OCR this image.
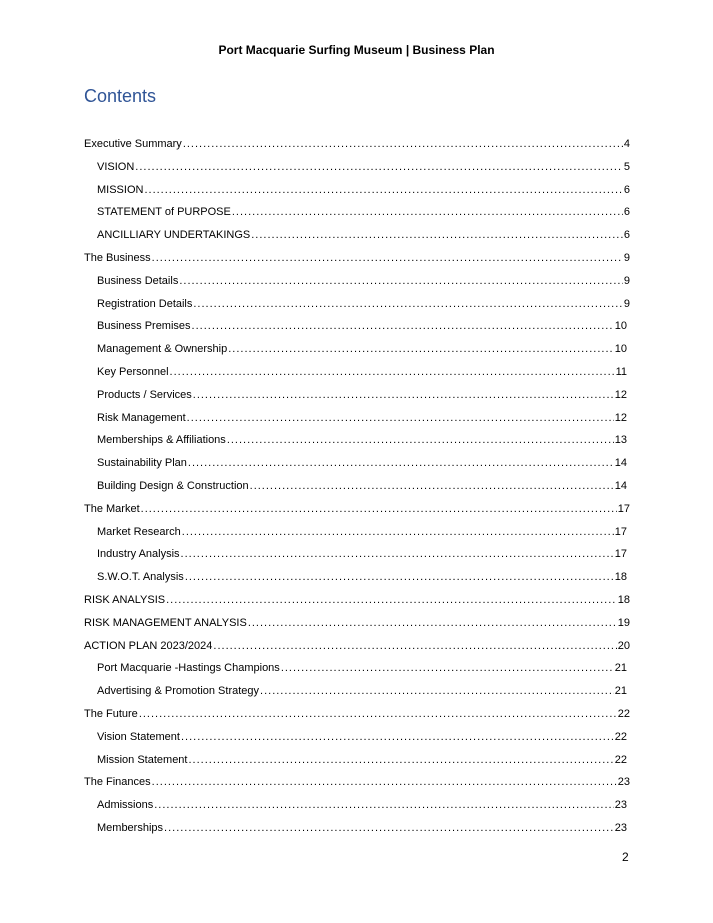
Port Macquarie Surfing Museum | Business Plan
Contents
Executive Summary .....	4
VISION .....	5
MISSION .....	6
STATEMENT of PURPOSE .....	6
ANCILLIARY UNDERTAKINGS .....	6
The Business .....	9
Business Details .....	9
Registration Details .....	9
Business Premises .....	10
Management & Ownership .....	10
Key Personnel .....	11
Products / Services .....	12
Risk Management .....	12
Memberships & Affiliations .....	13
Sustainability Plan .....	14
Building Design & Construction .....	14
The Market .....	17
Market Research .....	17
Industry Analysis .....	17
S.W.O.T. Analysis .....	18
RISK ANALYSIS .....	18
RISK MANAGEMENT ANALYSIS .....	19
ACTION PLAN 2023/2024 .....	20
Port Macquarie -Hastings Champions .....	21
Advertising & Promotion Strategy .....	21
The Future .....	22
Vision Statement .....	22
Mission Statement .....	22
The Finances .....	23
Admissions .....	23
Memberships .....	23
2
